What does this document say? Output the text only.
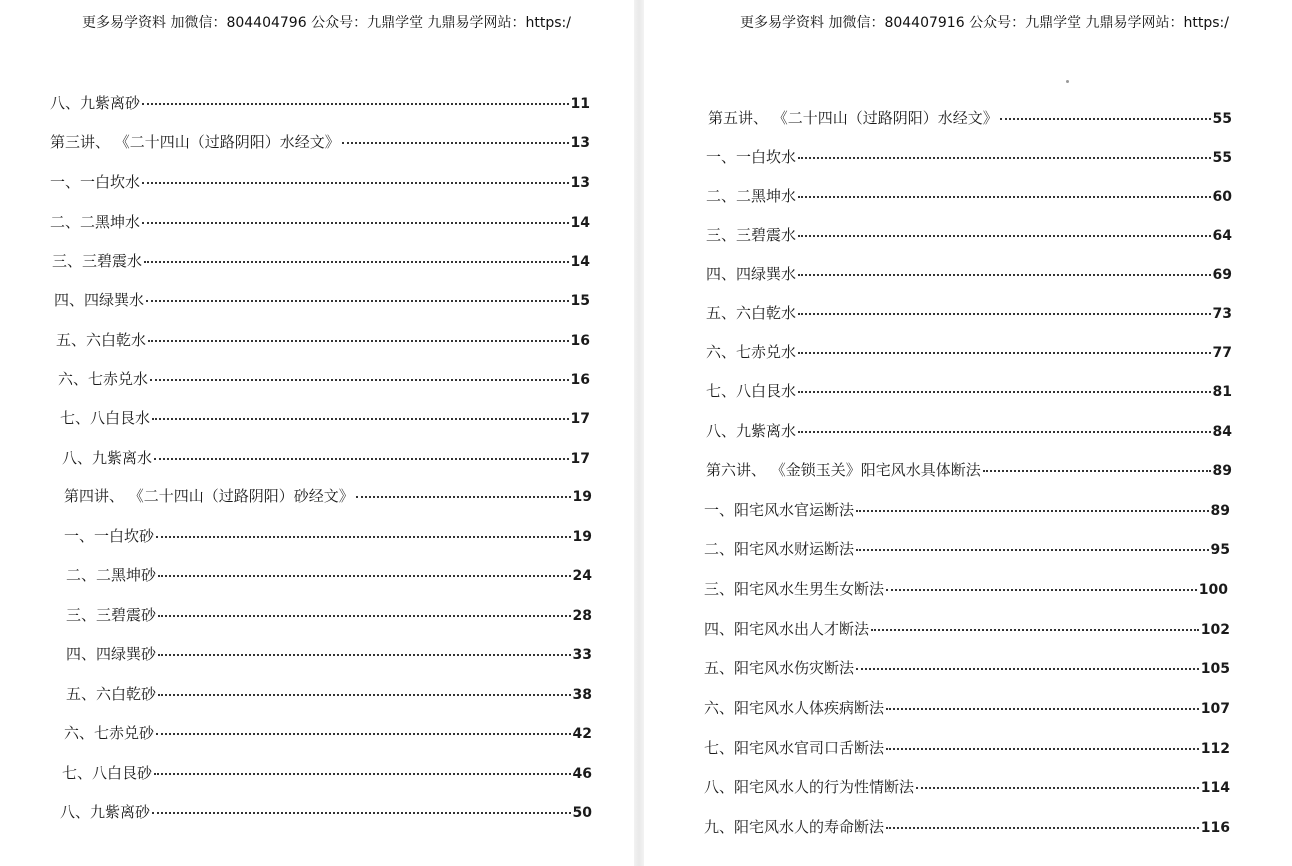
更多易学资料 加微信：804404796 公众号：九鼎学堂 九鼎易学网站：https:/
八、九紫离砂	11
第三讲、 《二十四山（过路阴阳）水经文》	13
一、一白坎水	13
二、二黑坤水	14
三、三碧震水	14
四、四绿巽水	15
五、六白乾水	16
六、七赤兑水	16
七、八白艮水	17
八、九紫离水	17
第四讲、 《二十四山（过路阴阳）砂经文》	19
一、一白坎砂	19
二、二黑坤砂	24
三、三碧震砂	28
四、四绿巽砂	33
五、六白乾砂	38
六、七赤兑砂	42
七、八白艮砂	46
八、九紫离砂	50
更多易学资料 加微信：804407916 公众号：九鼎学堂 九鼎易学网站：https:/
第五讲、 《二十四山（过路阴阳）水经文》	55
一、一白坎水	55
二、二黑坤水	60
三、三碧震水	64
四、四绿巽水	69
五、六白乾水	73
六、七赤兑水	77
七、八白艮水	81
八、九紫离水	84
第六讲、 《金锁玉关》阳宅风水具体断法	89
一、阳宅风水官运断法	89
二、阳宅风水财运断法	95
三、阳宅风水生男生女断法	100
四、阳宅风水出人才断法	102
五、阳宅风水伤灾断法	105
六、阳宅风水人体疾病断法	107
七、阳宅风水官司口舌断法	112
八、阳宅风水人的行为性情断法	114
九、阳宅风水人的寿命断法	116
